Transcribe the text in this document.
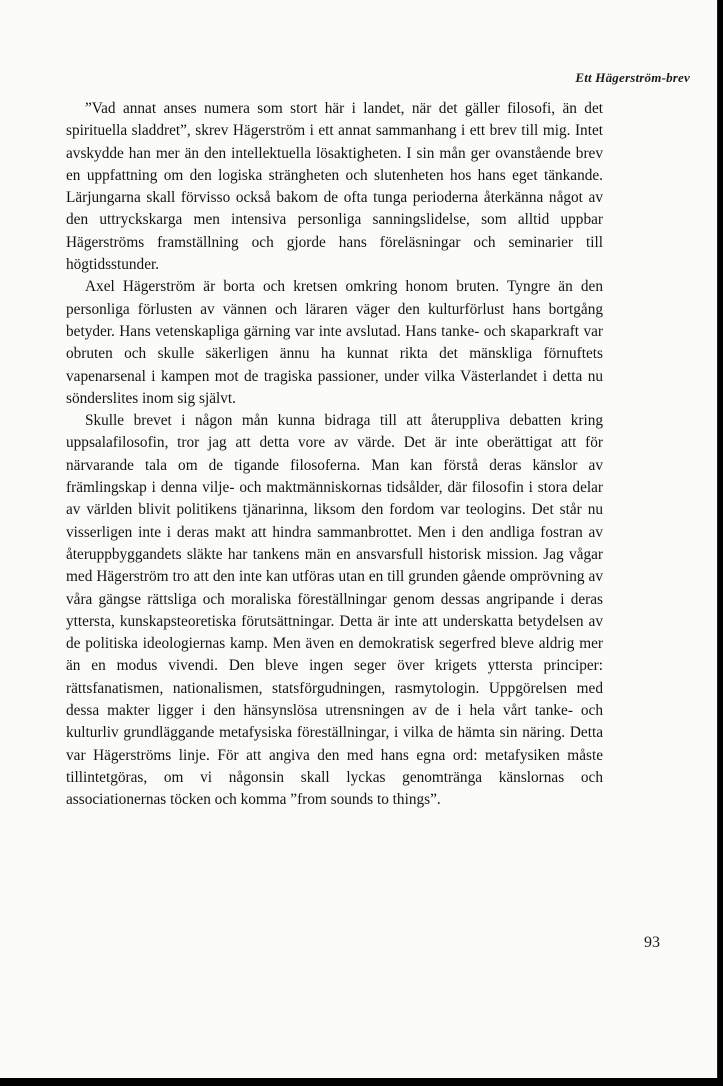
Ett Hägerström-brev

”Vad annat anses numera som stort här i landet, när det gäller filosofi, än det spirituella sladdret”, skrev Hägerström i ett annat sammanhang i ett brev till mig. Intet avskydde han mer än den intellektuella lösaktigheten. I sin mån ger ovanstående brev en uppfattning om den logiska strängheten och slutenheten hos hans eget tänkande. Lärjungarna skall förvisso också bakom de ofta tunga perioderna återkänna något av den uttryckskarga men intensiva personliga sanningslidelse, som alltid uppbar Hägerströms framställning och gjorde hans föreläsningar och seminarier till högtidsstunder.

Axel Hägerström är borta och kretsen omkring honom bruten. Tyngre än den personliga förlusten av vännen och läraren väger den kulturförlust hans bortgång betyder. Hans vetenskapliga gärning var inte avslutad. Hans tanke- och skaparkraft var obruten och skulle säkerligen ännu ha kunnat rikta det mänskliga förnuftets vapenarsenal i kampen mot de tragiska passioner, under vilka Västerlandet i detta nu sönderslites inom sig självt.

Skulle brevet i någon mån kunna bidraga till att återuppliva debatten kring uppsalafilosofin, tror jag att detta vore av värde. Det är inte oberättigat att för närvarande tala om de tigande filosoferna. Man kan förstå deras känslor av främlingskap i denna vilje- och maktmänniskornas tidsålder, där filosofin i stora delar av världen blivit politikens tjänarinna, liksom den fordom var teologins. Det står nu visserligen inte i deras makt att hindra sammanbrottet. Men i den andliga fostran av återuppbyggandets släkte har tankens män en ansvarsfull historisk mission. Jag vågar med Hägerström tro att den inte kan utföras utan en till grunden gående omprövning av våra gängse rättsliga och moraliska föreställningar genom dessas angripande i deras yttersta, kunskapsteoretiska förutsättningar. Detta är inte att underskatta betydelsen av de politiska ideologiernas kamp. Men även en demokratisk segerfred bleve aldrig mer än en modus vivendi. Den bleve ingen seger över krigets yttersta principer: rättsfanatismen, nationalismen, statsförgudningen, rasmytologin. Uppgörelsen med dessa makter ligger i den hänsynslösa utrensningen av de i hela vårt tanke- och kulturliv grundläggande metafysiska föreställningar, i vilka de hämta sin näring. Detta var Hägerströms linje. För att angiva den med hans egna ord: metafysiken måste tillintetgöras, om vi någonsin skall lyckas genomtränga känslornas och associationernas töcken och komma ”from sounds to things”.

93
